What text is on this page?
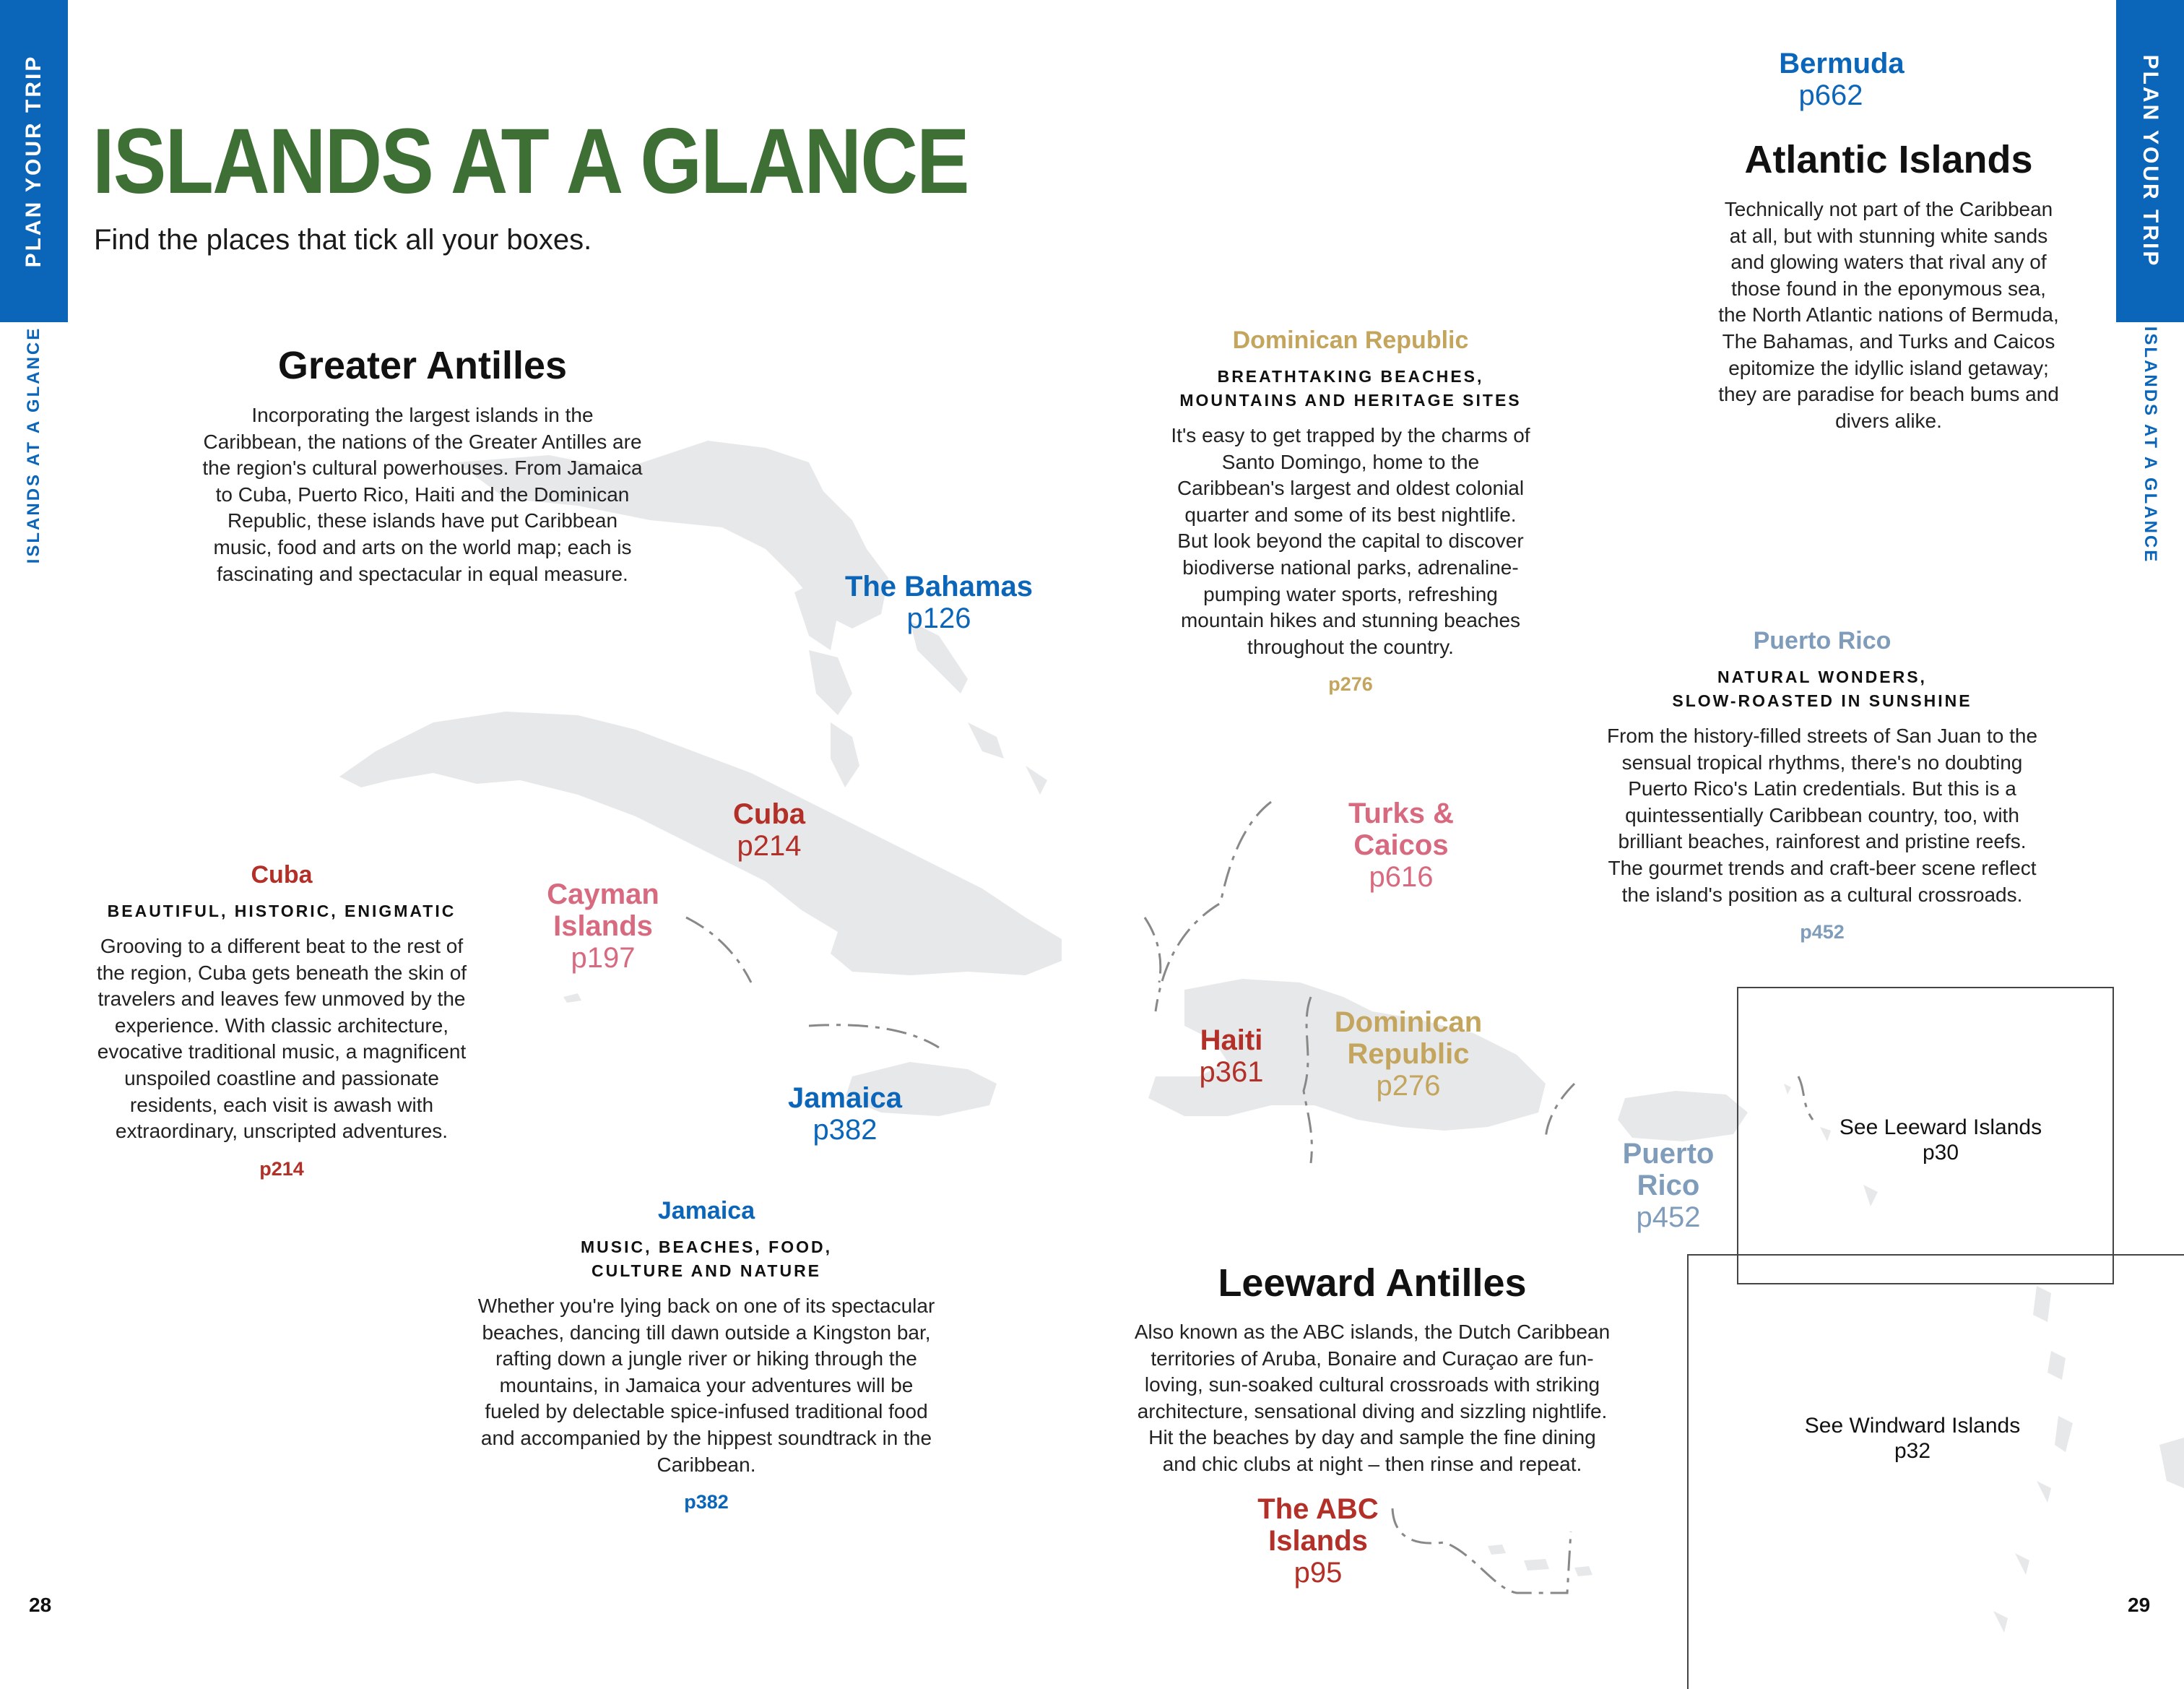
PLAN YOUR TRIP
ISLANDS AT A GLANCE
PLAN YOUR TRIP
ISLANDS AT A GLANCE
ISLANDS AT A GLANCE
Find the places that tick all your boxes.
Greater Antilles
Incorporating the largest islands in the Caribbean, the nations of the Greater Antilles are the region's cultural powerhouses. From Jamaica to Cuba, Puerto Rico, Haiti and the Dominican Republic, these islands have put Caribbean music, food and arts on the world map; each is fascinating and spectacular in equal measure.
Cuba
BEAUTIFUL, HISTORIC, ENIGMATIC
Grooving to a different beat to the rest of the region, Cuba gets beneath the skin of travelers and leaves few unmoved by the experience. With classic architecture, evocative traditional music, a magnificent unspoiled coastline and passionate residents, each visit is awash with extraordinary, unscripted adventures.
p214
Jamaica
MUSIC, BEACHES, FOOD,
CULTURE AND NATURE
Whether you're lying back on one of its spectacular beaches, dancing till dawn outside a Kingston bar, rafting down a jungle river or hiking through the mountains, in Jamaica your adventures will be fueled by delectable spice-infused traditional food and accompanied by the hippest soundtrack in the Caribbean.
p382
Dominican Republic
BREATHTAKING BEACHES,
MOUNTAINS AND HERITAGE SITES
It's easy to get trapped by the charms of Santo Domingo, home to the Caribbean's largest and oldest colonial quarter and some of its best nightlife. But look beyond the capital to discover biodiverse national parks, adrenaline-pumping water sports, refreshing mountain hikes and stunning beaches throughout the country.
p276
Puerto Rico
NATURAL WONDERS,
SLOW-ROASTED IN SUNSHINE
From the history-filled streets of San Juan to the sensual tropical rhythms, there's no doubting Puerto Rico's Latin credentials. But this is a quintessentially Caribbean country, too, with brilliant beaches, rainforest and pristine reefs. The gourmet trends and craft-beer scene reflect the island's position as a cultural crossroads.
p452
Atlantic Islands
Technically not part of the Caribbean at all, but with stunning white sands and glowing waters that rival any of those found in the eponymous sea, the North Atlantic nations of Bermuda, The Bahamas, and Turks and Caicos epitomize the idyllic island getaway; they are paradise for beach bums and divers alike.
Leeward Antilles
Also known as the ABC islands, the Dutch Caribbean territories of Aruba, Bonaire and Curaçao are fun-loving, sun-soaked cultural crossroads with striking architecture, sensational diving and sizzling nightlife. Hit the beaches by day and sample the fine dining and chic clubs at night – then rinse and repeat.
Bermuda
p662
The Bahamas
p126
Cuba
p214
Cayman
Islands
p197
Jamaica
p382
Turks &
Caicos
p616
Haiti
p361
Dominican
Republic
p276
Puerto
Rico
p452
The ABC
Islands
p95
See Leeward Islands
p30
See Windward Islands
p32
28	29
